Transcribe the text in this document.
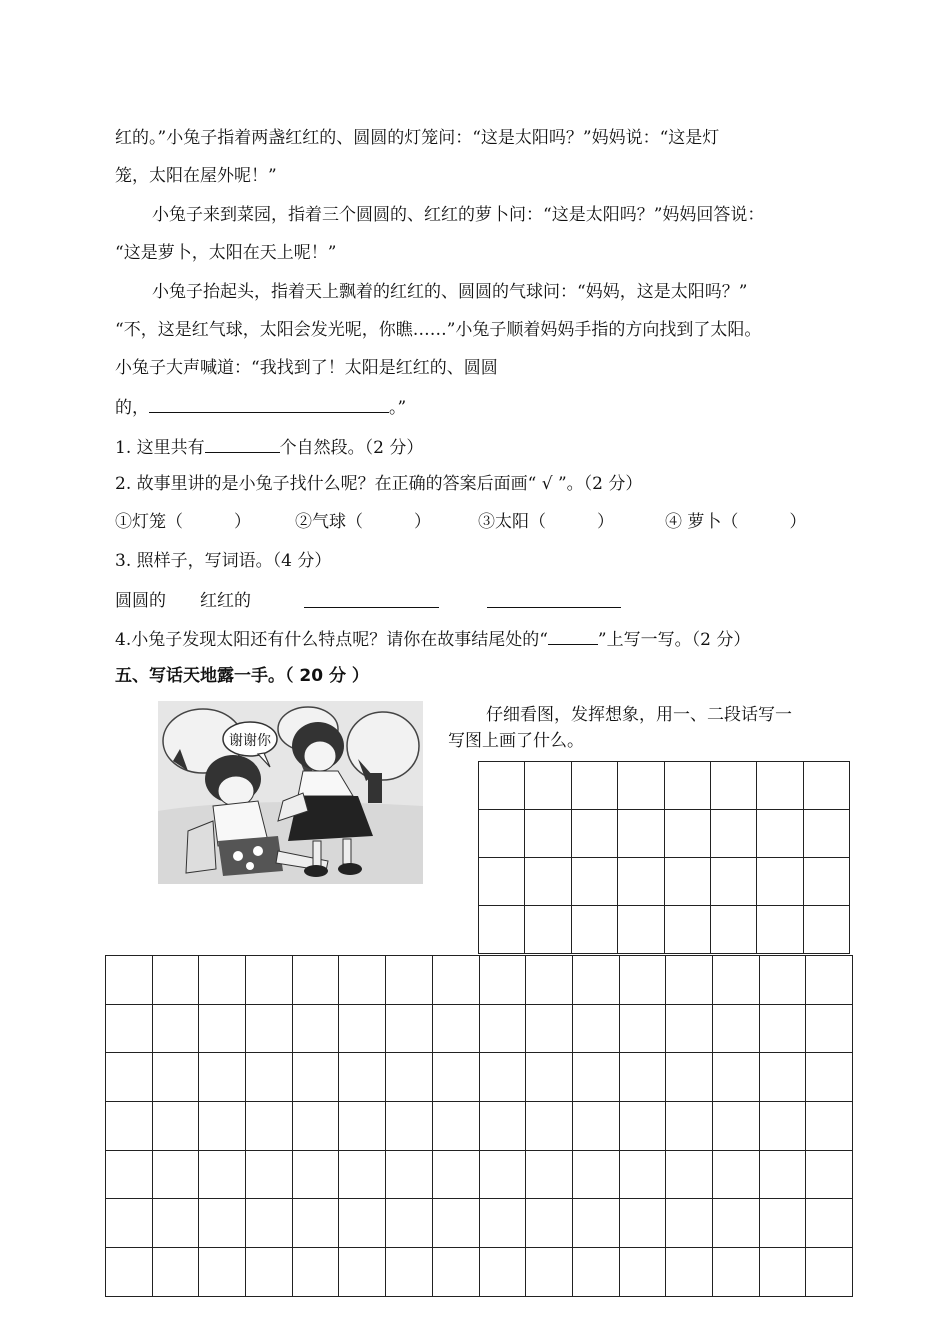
红的。”小兔子指着两盏红红的、圆圆的灯笼问：“这是太阳吗？”妈妈说：“这是灯
笼，太阳在屋外呢！”
小兔子来到菜园，指着三个圆圆的、红红的萝卜问：“这是太阳吗？”妈妈回答说：
“这是萝卜，太阳在天上呢！”
小兔子抬起头，指着天上飘着的红红的、圆圆的气球问：“妈妈，这是太阳吗？”
“不，这是红气球，太阳会发光呢，你瞧……”小兔子顺着妈妈手指的方向找到了太阳。
小兔子大声喊道：“我找到了！太阳是红红的、圆圆
的，	。”
1. 这里共有	个自然段。（2 分）
2. 故事里讲的是小兔子找什么呢？在正确的答案后面画“ √ ”。（2 分）
①灯笼（　　　）	②气球（　　　）	③太阳（　　　）	④ 萝卜（　　　）
3. 照样子，写词语。（4 分）
圆圆的 红红的
4.小兔子发现太阳还有什么特点呢？请你在故事结尾处的“	”上写一写。（2 分）
五、写话天地露一手。（ 20 分 ）
谢谢你
仔细看图，发挥想象，用一、二段话写一
写图上画了什么。
